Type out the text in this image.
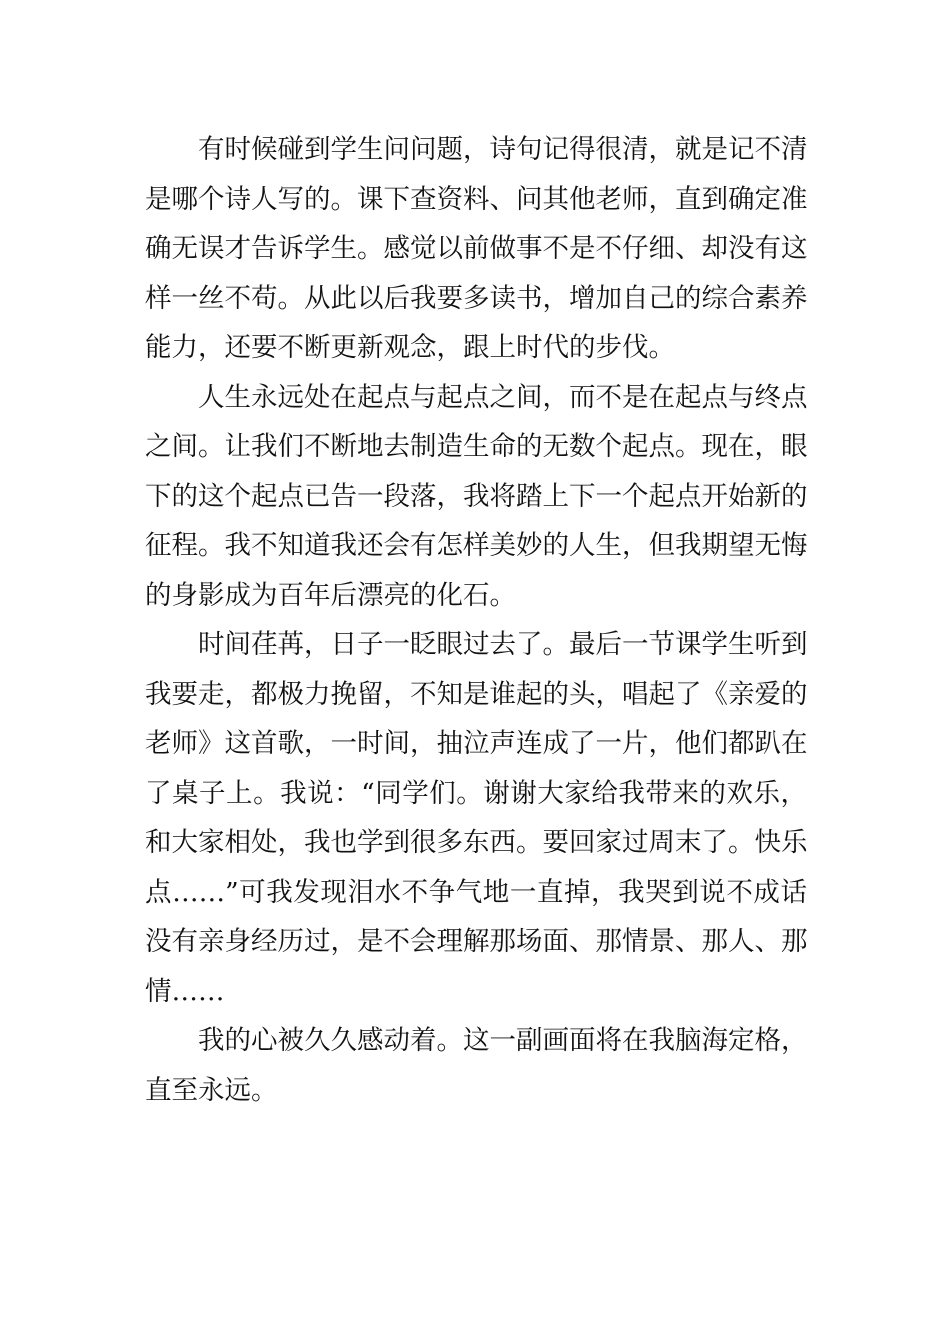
有时候碰到学生问问题，诗句记得很清，就是记不清
是哪个诗人写的。课下查资料、问其他老师，直到确定准
确无误才告诉学生。感觉以前做事不是不仔细、却没有这
样一丝不苟。从此以后我要多读书，增加自己的综合素养
能力，还要不断更新观念，跟上时代的步伐。
人生永远处在起点与起点之间，而不是在起点与终点
之间。让我们不断地去制造生命的无数个起点。现在，眼
下的这个起点已告一段落，我将踏上下一个起点开始新的
征程。我不知道我还会有怎样美妙的人生，但我期望无悔
的身影成为百年后漂亮的化石。
时间荏苒，日子一眨眼过去了。最后一节课学生听到
我要走，都极力挽留，不知是谁起的头，唱起了《亲爱的
老师》这首歌，一时间，抽泣声连成了一片，他们都趴在
了桌子上。我说：“同学们。谢谢大家给我带来的欢乐，
和大家相处，我也学到很多东西。要回家过周末了。快乐
点……”可我发现泪水不争气地一直掉，我哭到说不成话
没有亲身经历过，是不会理解那场面、那情景、那人、那
情……
我的心被久久感动着。这一副画面将在我脑海定格，
直至永远。
